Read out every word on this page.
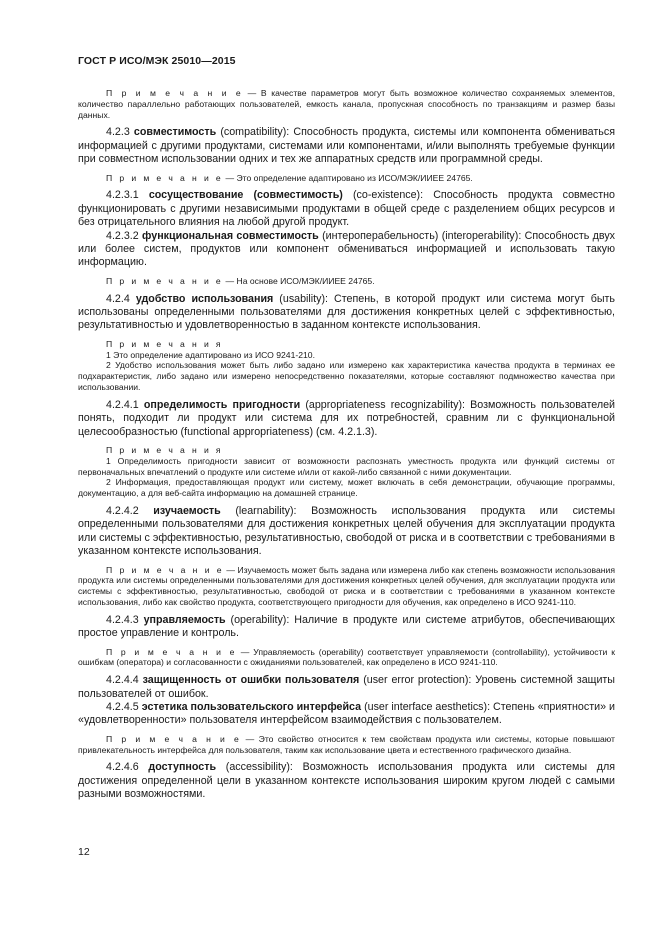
ГОСТ Р ИСО/МЭК 25010—2015

П р и м е ч а н и е — В качестве параметров могут быть возможное количество сохраняемых элементов, количество параллельно работающих пользователей, емкость канала, пропускная способность по транзакциям и размер базы данных.

4.2.3 совместимость (compatibility): Способность продукта, системы или компонента обмениваться информацией с другими продуктами, системами или компонентами, и/или выполнять требуемые функции при совместном использовании одних и тех же аппаратных средств или программной среды.

П р и м е ч а н и е — Это определение адаптировано из ИСО/МЭК/ИИЕЕ 24765.

4.2.3.1 сосуществование (совместимость) (co-existence): Способность продукта совместно функционировать с другими независимыми продуктами в общей среде с разделением общих ресурсов и без отрицательного влияния на любой другой продукт.

4.2.3.2 функциональная совместимость (интероперабельность) (interoperability): Способность двух или более систем, продуктов или компонент обмениваться информацией и использовать такую информацию.

П р и м е ч а н и е — На основе ИСО/МЭК/ИИЕЕ 24765.

4.2.4 удобство использования (usability): Степень, в которой продукт или система могут быть использованы определенными пользователями для достижения конкретных целей с эффективностью, результативностью и удовлетворенностью в заданном контексте использования.

П р и м е ч а н и я

1 Это определение адаптировано из ИСО 9241-210.

2 Удобство использования может быть либо задано или измерено как характеристика качества продукта в терминах ее подхарактеристик, либо задано или измерено непосредственно показателями, которые составляют подмножество качества при использовании.

4.2.4.1 определимость пригодности (appropriateness recognizability): Возможность пользователей понять, подходит ли продукт или система для их потребностей, сравним ли с функциональной целесообразностью (functional appropriateness) (см. 4.2.1.3).

П р и м е ч а н и я

1 Определимость пригодности зависит от возможности распознать уместность продукта или функций системы от первоначальных впечатлений о продукте или системе и/или от какой-либо связанной с ними документации.

2 Информация, предоставляющая продукт или систему, может включать в себя демонстрации, обучающие программы, документацию, а для веб-сайта информацию на домашней странице.

4.2.4.2 изучаемость (learnability): Возможность использования продукта или системы определенными пользователями для достижения конкретных целей обучения для эксплуатации продукта или системы с эффективностью, результативностью, свободой от риска и в соответствии с требованиями в указанном контексте использования.

П р и м е ч а н и е — Изучаемость может быть задана или измерена либо как степень возможности использования продукта или системы определенными пользователями для достижения конкретных целей обучения, для эксплуатации продукта или системы с эффективностью, результативностью, свободой от риска и в соответствии с требованиями в указанном контексте использования, либо как свойство продукта, соответствующего пригодности для обучения, как определено в ИСО 9241-110.

4.2.4.3 управляемость (operability): Наличие в продукте или системе атрибутов, обеспечивающих простое управление и контроль.

П р и м е ч а н и е — Управляемость (operability) соответствует управляемости (controllability), устойчивости к ошибкам (оператора) и согласованности с ожиданиями пользователей, как определено в ИСО 9241-110.

4.2.4.4 защищенность от ошибки пользователя (user error protection): Уровень системной защиты пользователей от ошибок.

4.2.4.5 эстетика пользовательского интерфейса (user interface aesthetics): Степень «приятности» и «удовлетворенности» пользователя интерфейсом взаимодействия с пользователем.

П р и м е ч а н и е — Это свойство относится к тем свойствам продукта или системы, которые повышают привлекательность интерфейса для пользователя, таким как использование цвета и естественного графического дизайна.

4.2.4.6 доступность (accessibility): Возможность использования продукта или системы для достижения определенной цели в указанном контексте использования широким кругом людей с самыми разными возможностями.

12
